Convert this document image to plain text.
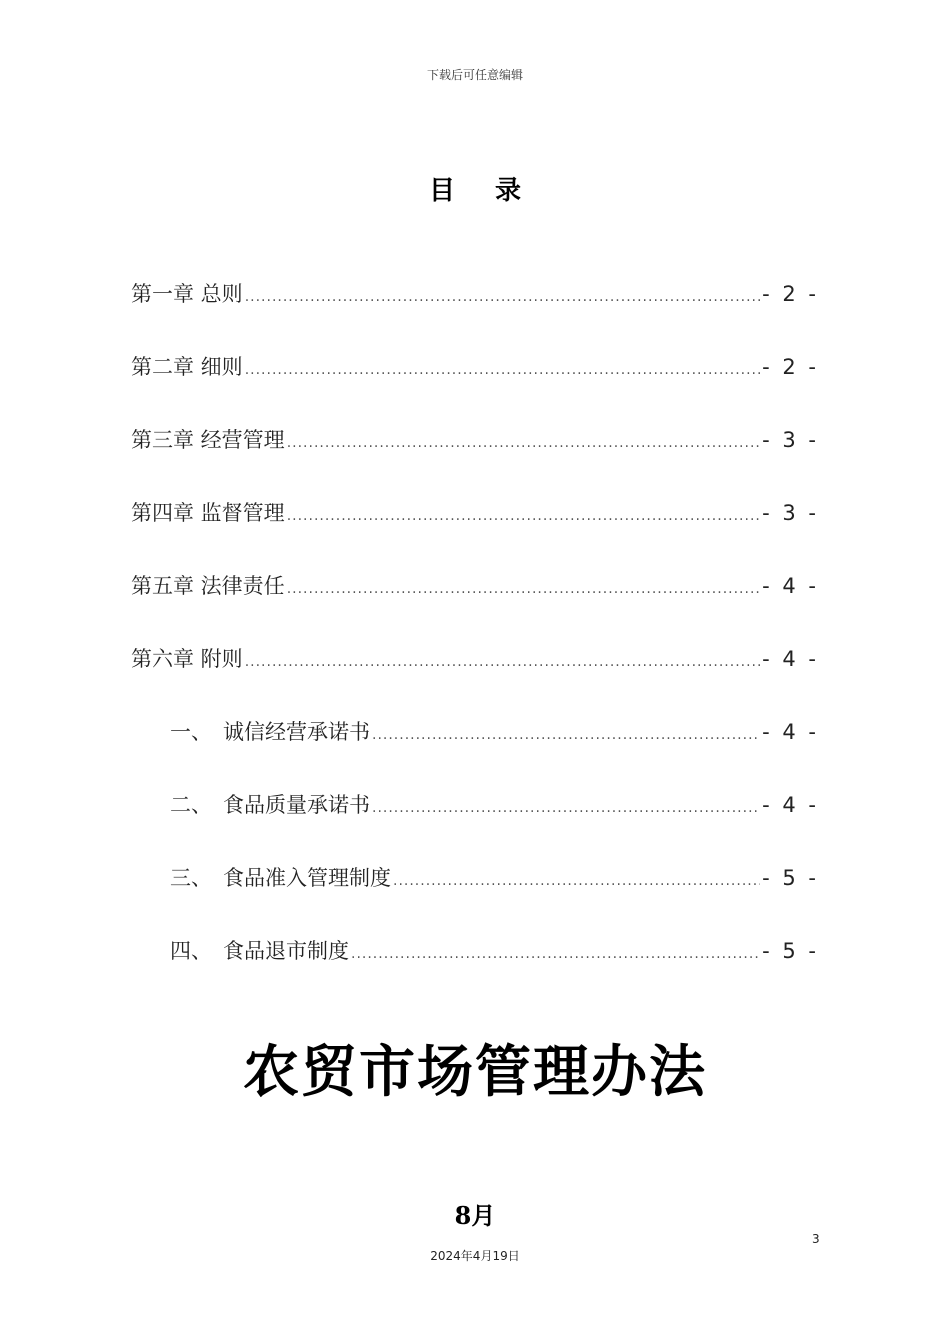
下载后可任意编辑
目录
第一章 总则 .....	- 2 -
第二章 细则 .....	- 2 -
第三章 经营管理 .....	- 3 -
第四章 监督管理 .....	- 3 -
第五章 法律责任 .....	- 4 -
第六章 附则 .....	- 4 -
一、 诚信经营承诺书 .....	- 4 -
二、 食品质量承诺书 .....	- 4 -
三、 食品准入管理制度 .....	- 5 -
四、 食品退市制度 .....	- 5 -
农贸市场管理办法
8月
3
2024年4月19日
